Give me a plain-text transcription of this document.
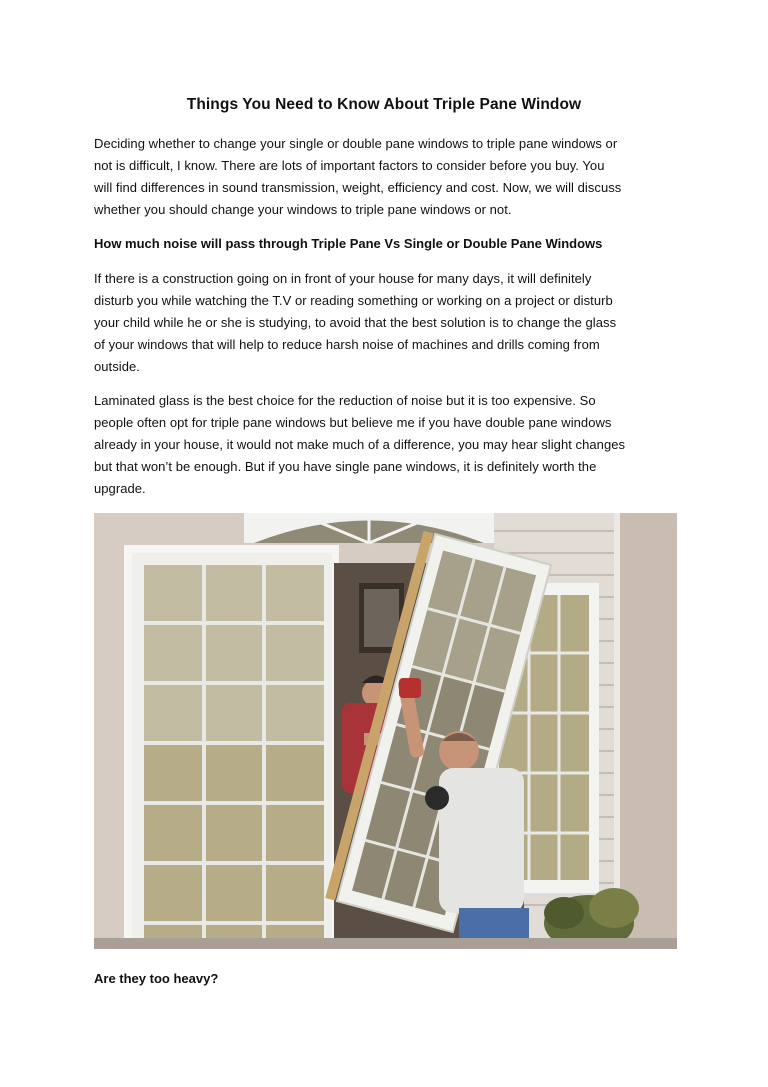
Things You Need to Know About Triple Pane Window

Deciding whether to change your single or double pane windows to triple pane windows or
not is difficult, I know. There are lots of important factors to consider before you buy. You
will find differences in sound transmission, weight, efficiency and cost. Now, we will discuss
whether you should change your windows to triple pane windows or not.

How much noise will pass through Triple Pane Vs Single or Double Pane Windows

If there is a construction going on in front of your house for many days, it will definitely
disturb you while watching the T.V or reading something or working on a project or disturb
your child while he or she is studying, to avoid that the best solution is to change the glass
of your windows that will help to reduce harsh noise of machines and drills coming from
outside.

Laminated glass is the best choice for the reduction of noise but it is too expensive. So
people often opt for triple pane windows but believe me if you have double pane windows
already in your house, it would not make much of a difference, you may hear slight changes
but that won’t be enough. But if you have single pane windows, it is definitely worth the
upgrade.

Are they too heavy?
